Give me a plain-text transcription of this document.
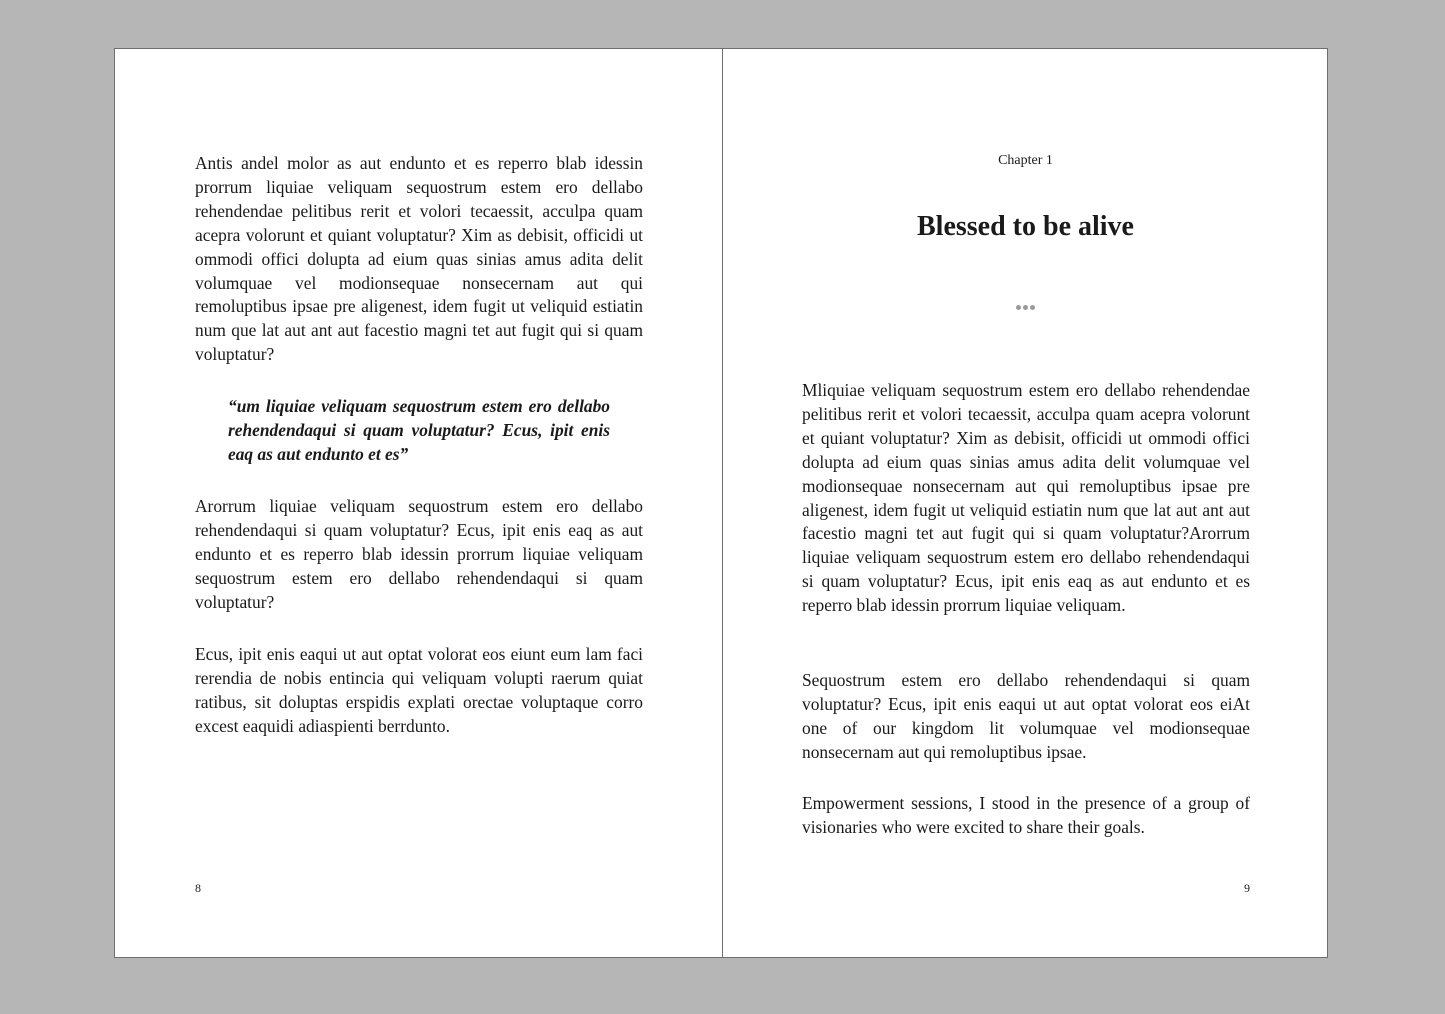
Antis andel molor as aut endunto et es reperro blab idessin prorrum liquiae veliquam sequostrum estem ero dellabo rehendendae pelitibus rerit et volori tecaessit, acculpa quam acepra volorunt et quiant voluptatur? Xim as debisit, officidi ut ommodi offici dolupta ad eium quas sinias amus adita delit volumquae vel modionsequae nonsecernam aut qui remoluptibus ipsae pre aligenest, idem fugit ut veliquid estiatin num que lat aut ant aut facestio magni tet aut fugit qui si quam voluptatur?

“um liquiae veliquam sequostrum estem ero dellabo rehendendaqui si quam voluptatur? Ecus, ipit enis eaq as aut endunto et es”

Arorrum liquiae veliquam sequostrum estem ero dellabo rehendendaqui si quam voluptatur? Ecus, ipit enis eaq as aut endunto et es reperro blab idessin prorrum liquiae veliquam sequostrum estem ero dellabo rehendendaqui si quam voluptatur?

Ecus, ipit enis eaqui ut aut optat volorat eos eiunt eum lam faci rerendia de nobis entincia qui veliquam volupti raerum quiat ratibus, sit doluptas erspidis explati orectae voluptaque corro excest eaquidi adiaspienti berrdunto.

8
Chapter 1
Blessed to be alive

Mliquiae veliquam sequostrum estem ero dellabo rehendendae pelitibus rerit et volori tecaessit, acculpa quam acepra volorunt et quiant voluptatur? Xim as debisit, officidi ut ommodi offici dolupta ad eium quas sinias amus adita delit volumquae vel modionsequae nonsecernam aut qui remoluptibus ipsae pre aligenest, idem fugit ut veliquid estiatin num que lat aut ant aut facestio magni tet aut fugit qui si quam voluptatur?Arorrum liquiae veliquam sequostrum estem ero dellabo rehendendaqui si quam voluptatur? Ecus, ipit enis eaq as aut endunto et es reperro blab idessin prorrum liquiae veliquam.

Sequostrum estem ero dellabo rehendendaqui si quam voluptatur? Ecus, ipit enis eaqui ut aut optat volorat eos eiAt one of our kingdom lit volumquae vel modionsequae nonsecernam aut qui remoluptibus ipsae.

Empowerment sessions, I stood in the presence of a group of visionaries who were excited to share their goals.

9
